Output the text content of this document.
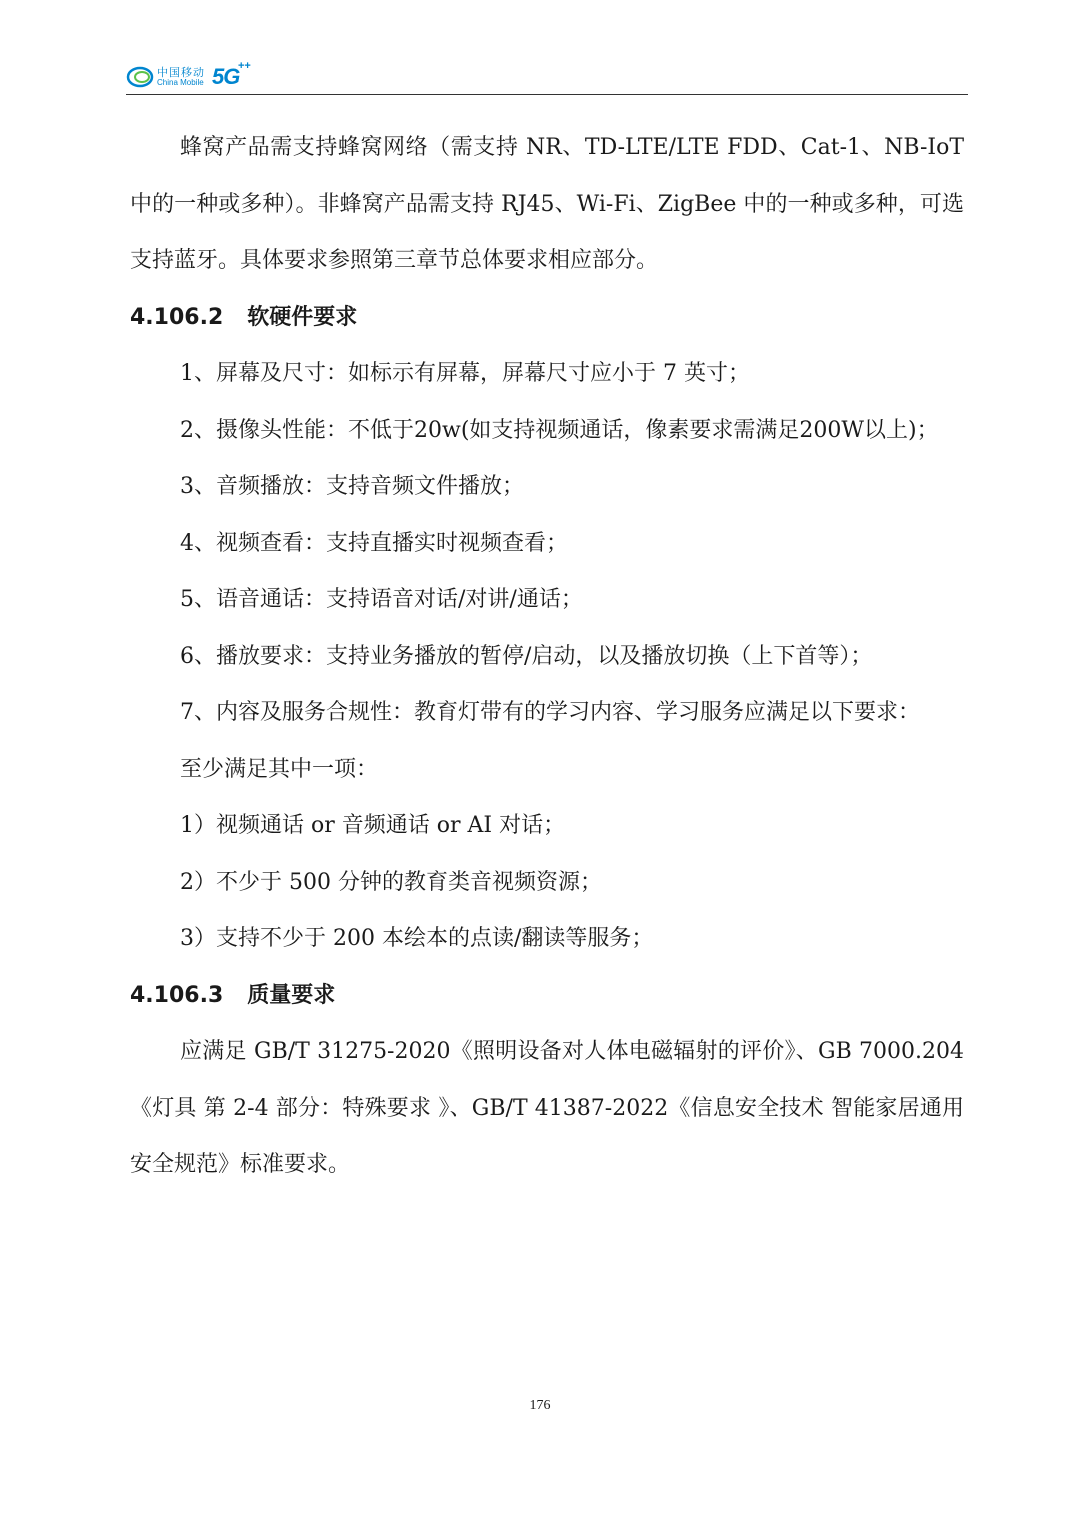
中国移动
China Mobile 5G
++

蜂窝产品需支持蜂窝网络（需支持 NR、TD-LTE/LTE FDD、Cat-1、NB-IoT 中的一种或多种）。非蜂窝产品需支持 RJ45、Wi-Fi、ZigBee 中的一种或多种，可选支持蓝牙。具体要求参照第三章节总体要求相应部分。

4.106.2 软硬件要求

1、屏幕及尺寸：如标示有屏幕，屏幕尺寸应小于 7 英寸；

2、摄像头性能：不低于20w(如支持视频通话，像素要求需满足200W以上)；

3、音频播放：支持音频文件播放；

4、视频查看：支持直播实时视频查看；

5、语音通话：支持语音对话/对讲/通话；

6、播放要求：支持业务播放的暂停/启动，以及播放切换（上下首等）；

7、内容及服务合规性：教育灯带有的学习内容、学习服务应满足以下要求：

至少满足其中一项：

1）视频通话 or 音频通话 or AI 对话；

2）不少于 500 分钟的教育类音视频资源；

3）支持不少于 200 本绘本的点读/翻读等服务；

4.106.3 质量要求

应满足 GB/T 31275-2020《照明设备对人体电磁辐射的评价》、GB 7000.204《灯具 第 2-4 部分：特殊要求 》、GB/T 41387-2022《信息安全技术 智能家居通用安全规范》标准要求。

176
